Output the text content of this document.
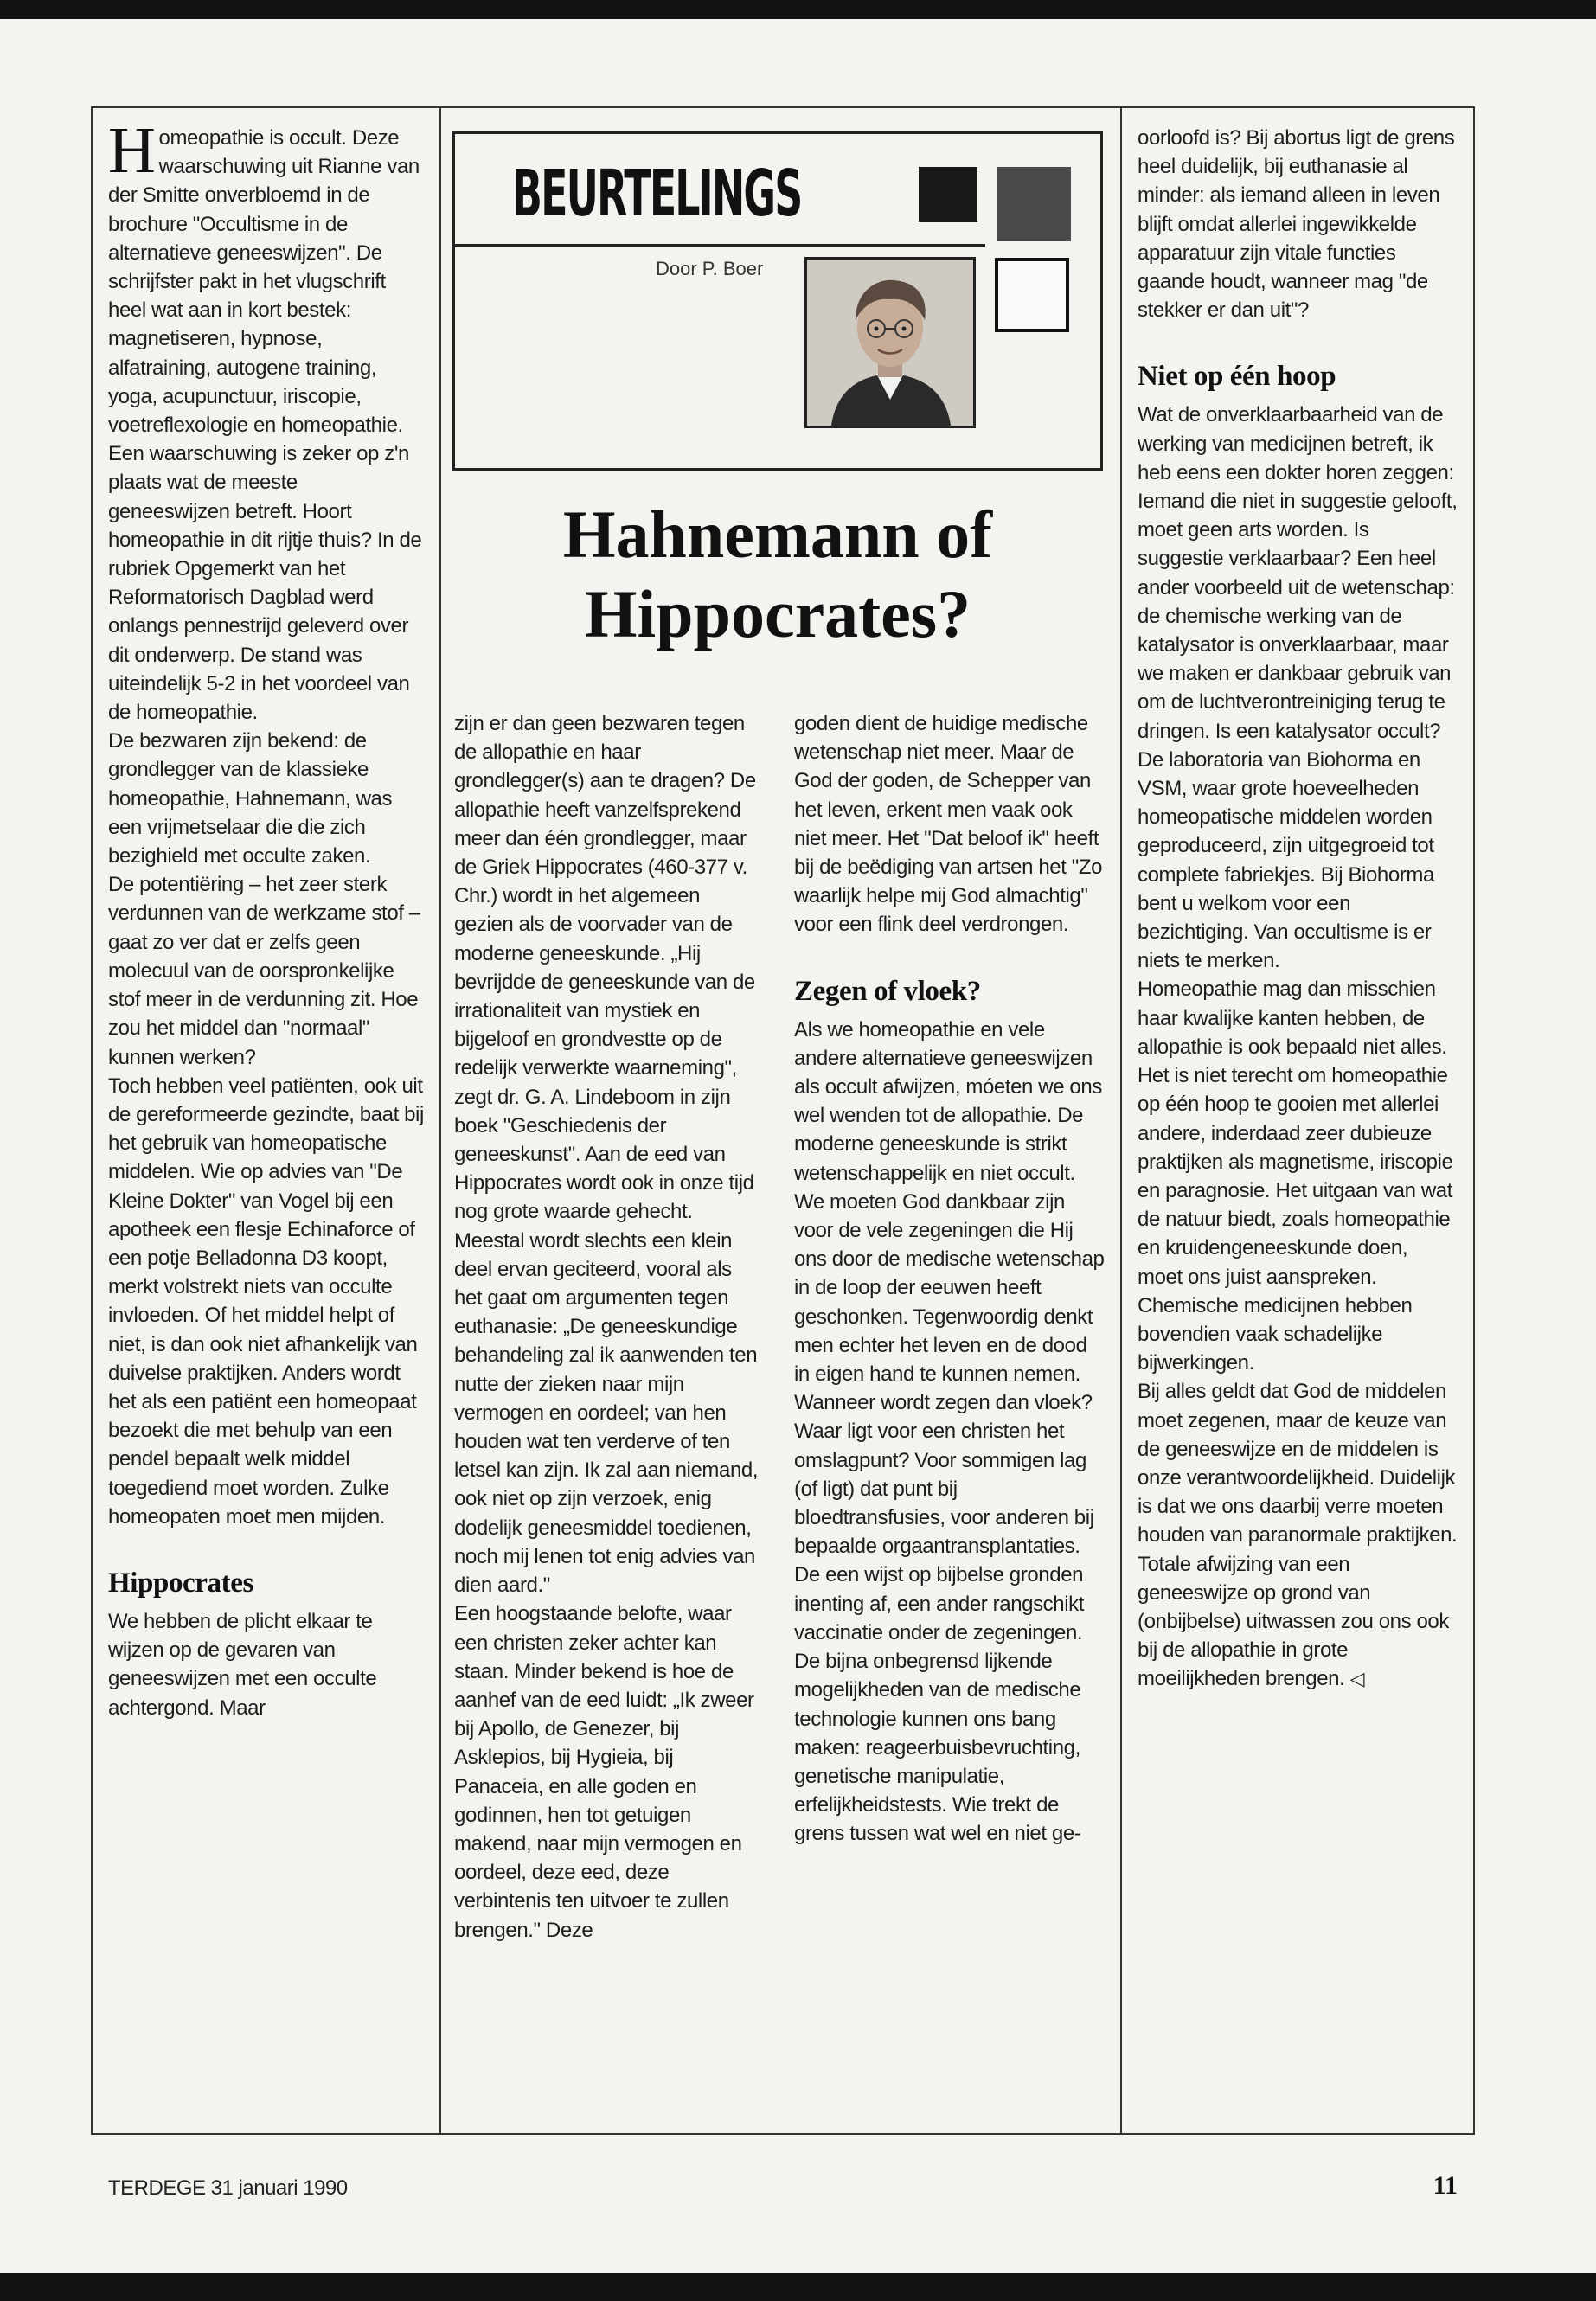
Homeopathie is occult. Deze waarschuwing uit Rianne van der Smitte onverbloemd in de brochure "Occultisme in de alternatieve geneeswijzen". De schrijfster pakt in het vlugschrift heel wat aan in kort bestek: magnetiseren, hypnose, alfatraining, autogene training, yoga, acupunctuur, iriscopie, voetreflexologie en homeopathie. Een waarschuwing is zeker op z'n plaats wat de meeste geneeswijzen betreft. Hoort homeopathie in dit rijtje thuis? In de rubriek Opgemerkt van het Reformatorisch Dagblad werd onlangs pennestrijd geleverd over dit onderwerp. De stand was uiteindelijk 5-2 in het voordeel van de homeopathie.

De bezwaren zijn bekend: de grondlegger van de klassieke homeopathie, Hahnemann, was een vrijmetselaar die die zich bezighield met occulte zaken.

De potentiëring – het zeer sterk verdunnen van de werkzame stof – gaat zo ver dat er zelfs geen molecuul van de oorspronkelijke stof meer in de verdunning zit. Hoe zou het middel dan "normaal" kunnen werken?

Toch hebben veel patiënten, ook uit de gereformeerde gezindte, baat bij het gebruik van homeopatische middelen. Wie op advies van "De Kleine Dokter" van Vogel bij een apotheek een flesje Echinaforce of een potje Belladonna D3 koopt, merkt volstrekt niets van occulte invloeden. Of het middel helpt of niet, is dan ook niet afhankelijk van duivelse praktijken. Anders wordt het als een patiënt een homeopaat bezoekt die met behulp van een pendel bepaalt welk middel toegediend moet worden. Zulke homeopaten moet men mijden.

Hippocrates

We hebben de plicht elkaar te wijzen op de gevaren van geneeswijzen met een occulte achtergond. Maar

BEURTELINGS
Door P. Boer
Hahnemann of Hippocrates?

zijn er dan geen bezwaren tegen de allopathie en haar grondlegger(s) aan te dragen? De allopathie heeft vanzelfsprekend meer dan één grondlegger, maar de Griek Hippocrates (460-377 v. Chr.) wordt in het algemeen gezien als de voorvader van de moderne geneeskunde. „Hij bevrijdde de geneeskunde van de irrationaliteit van mystiek en bijgeloof en grondvestte op de redelijk verwerkte waarneming", zegt dr. G. A. Lindeboom in zijn boek "Geschiedenis der geneeskunst". Aan de eed van Hippocrates wordt ook in onze tijd nog grote waarde gehecht. Meestal wordt slechts een klein deel ervan geciteerd, vooral als het gaat om argumenten tegen euthanasie: „De geneeskundige behandeling zal ik aanwenden ten nutte der zieken naar mijn vermogen en oordeel; van hen houden wat ten verderve of ten letsel kan zijn. Ik zal aan niemand, ook niet op zijn verzoek, enig dodelijk geneesmiddel toedienen, noch mij lenen tot enig advies van dien aard."

Een hoogstaande belofte, waar een christen zeker achter kan staan. Minder bekend is hoe de aanhef van de eed luidt: „Ik zweer bij Apollo, de Genezer, bij Asklepios, bij Hygieia, bij Panaceia, en alle goden en godinnen, hen tot getuigen makend, naar mijn vermogen en oordeel, deze eed, deze verbintenis ten uitvoer te zullen brengen." Deze

goden dient de huidige medische wetenschap niet meer. Maar de God der goden, de Schepper van het leven, erkent men vaak ook niet meer. Het "Dat beloof ik" heeft bij de beëdiging van artsen het "Zo waarlijk helpe mij God almachtig" voor een flink deel verdrongen.

Zegen of vloek?

Als we homeopathie en vele andere alternatieve geneeswijzen als occult afwijzen, móeten we ons wel wenden tot de allopathie. De moderne geneeskunde is strikt wetenschappelijk en niet occult. We moeten God dankbaar zijn voor de vele zegeningen die Hij ons door de medische wetenschap in de loop der eeuwen heeft geschonken. Tegenwoordig denkt men echter het leven en de dood in eigen hand te kunnen nemen. Wanneer wordt zegen dan vloek? Waar ligt voor een christen het omslagpunt? Voor sommigen lag (of ligt) dat punt bij bloedtransfusies, voor anderen bij bepaalde orgaantransplantaties. De een wijst op bijbelse gronden inenting af, een ander rangschikt vaccinatie onder de zegeningen. De bijna onbegrensd lijkende mogelijkheden van de medische technologie kunnen ons bang maken: reageerbuisbevruchting, genetische manipulatie, erfelijkheidstests. Wie trekt de grens tussen wat wel en niet ge-

oorloofd is? Bij abortus ligt de grens heel duidelijk, bij euthanasie al minder: als iemand alleen in leven blijft omdat allerlei ingewikkelde apparatuur zijn vitale functies gaande houdt, wanneer mag "de stekker er dan uit"?

Niet op één hoop

Wat de onverklaarbaarheid van de werking van medicijnen betreft, ik heb eens een dokter horen zeggen: Iemand die niet in suggestie gelooft, moet geen arts worden. Is suggestie verklaarbaar? Een heel ander voorbeeld uit de wetenschap: de chemische werking van de katalysator is onverklaarbaar, maar we maken er dankbaar gebruik van om de luchtverontreiniging terug te dringen. Is een katalysator occult?

De laboratoria van Biohorma en VSM, waar grote hoeveelheden homeopatische middelen worden geproduceerd, zijn uitgegroeid tot complete fabriekjes. Bij Biohorma bent u welkom voor een bezichtiging. Van occultisme is er niets te merken.

Homeopathie mag dan misschien haar kwalijke kanten hebben, de allopathie is ook bepaald niet alles. Het is niet terecht om homeopathie op één hoop te gooien met allerlei andere, inderdaad zeer dubieuze praktijken als magnetisme, iriscopie en paragnosie. Het uitgaan van wat de natuur biedt, zoals homeopathie en kruidengeneeskunde doen, moet ons juist aanspreken. Chemische medicijnen hebben bovendien vaak schadelijke bijwerkingen.

Bij alles geldt dat God de middelen moet zegenen, maar de keuze van de geneeswijze en de middelen is onze verantwoordelijkheid. Duidelijk is dat we ons daarbij verre moeten houden van paranormale praktijken. Totale afwijzing van een geneeswijze op grond van (onbijbelse) uitwassen zou ons ook bij de allopathie in grote moeilijkheden brengen. ◁

TERDEGE 31 januari 1990	11
